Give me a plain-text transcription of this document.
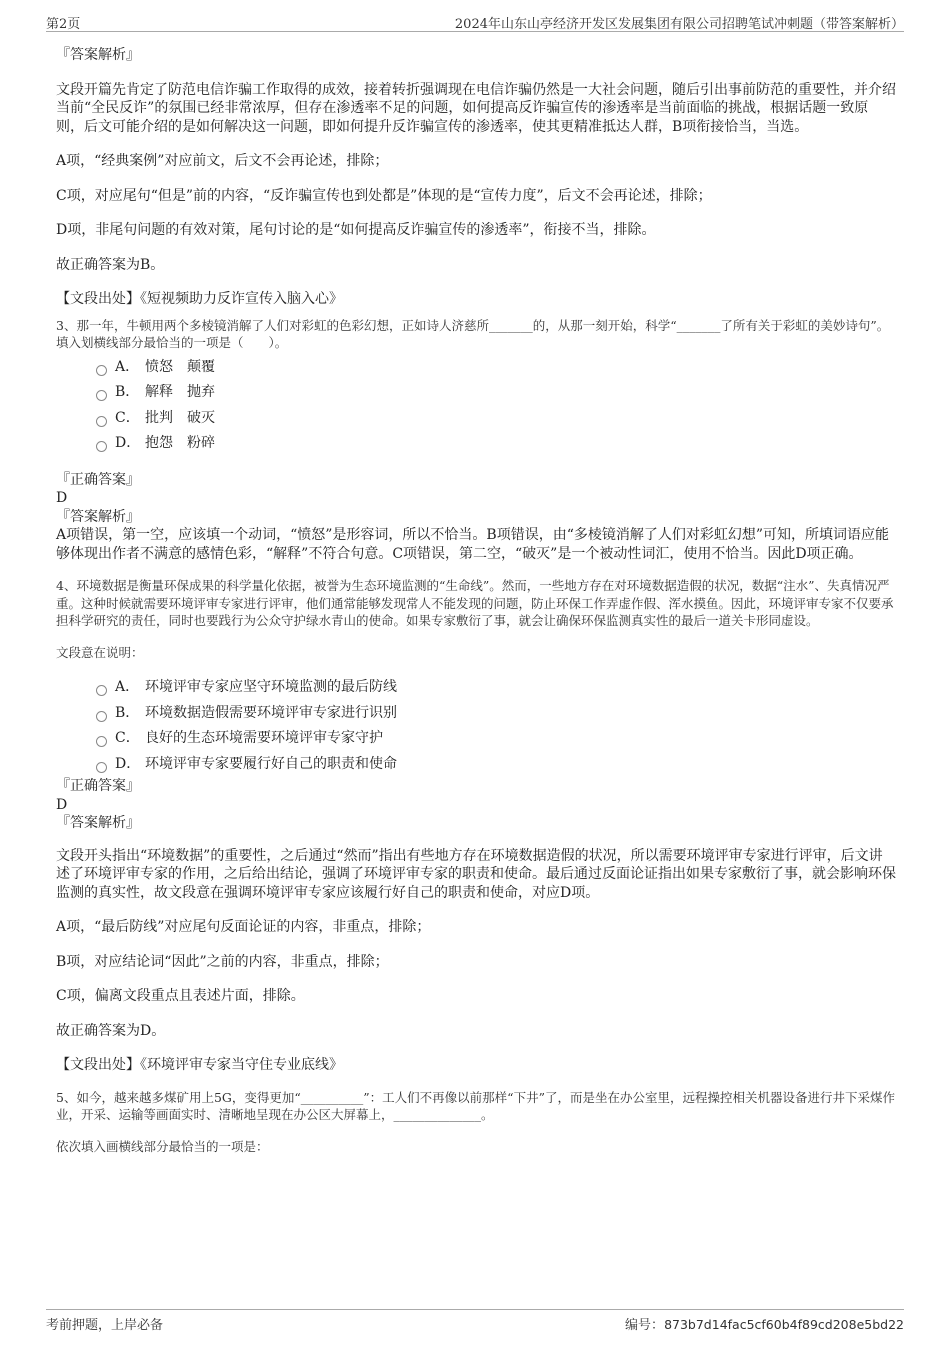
第2页	2024年山东山亭经济开发区发展集团有限公司招聘笔试冲刺题（带答案解析）

『答案解析』

文段开篇先肯定了防范电信诈骗工作取得的成效，接着转折强调现在电信诈骗仍然是一大社会问题，随后引出事前防范的重要性，并介绍当前“全民反诈”的氛围已经非常浓厚，但存在渗透率不足的问题，如何提高反诈骗宣传的渗透率是当前面临的挑战，根据话题一致原则，后文可能介绍的是如何解决这一问题，即如何提升反诈骗宣传的渗透率，使其更精准抵达人群，B项衔接恰当，当选。

A项，“经典案例”对应前文，后文不会再论述，排除；

C项，对应尾句“但是”前的内容，“反诈骗宣传也到处都是”体现的是“宣传力度”，后文不会再论述，排除；

D项，非尾句问题的有效对策，尾句讨论的是“如何提高反诈骗宣传的渗透率”，衔接不当，排除。

故正确答案为B。

【文段出处】《短视频助力反诈宣传入脑入心》

3、那一年，牛顿用两个多棱镜消解了人们对彩虹的色彩幻想，正如诗人济慈所_______的，从那一刻开始，科学“_______了所有关于彩虹的美妙诗句”。

填入划横线部分最恰当的一项是（　　）。

A． 愤怒　颠覆
B． 解释　抛弃
C． 批判　破灭
D． 抱怨　粉碎

『正确答案』

D

『答案解析』

A项错误，第一空，应该填一个动词，“愤怒”是形容词，所以不恰当。B项错误，由“多棱镜消解了人们对彩虹幻想”可知，所填词语应能够体现出作者不满意的感情色彩，“解释”不符合句意。C项错误，第二空，“破灭”是一个被动性词汇，使用不恰当。因此D项正确。

4、环境数据是衡量环保成果的科学量化依据，被誉为生态环境监测的“生命线”。然而，一些地方存在对环境数据造假的状况，数据“注水”、失真情况严重。这种时候就需要环境评审专家进行评审，他们通常能够发现常人不能发现的问题，防止环保工作弄虚作假、浑水摸鱼。因此，环境评审专家不仅要承担科学研究的责任，同时也要践行为公众守护绿水青山的使命。如果专家敷衍了事，就会让确保环保监测真实性的最后一道关卡形同虚设。

文段意在说明：

A． 环境评审专家应坚守环境监测的最后防线
B． 环境数据造假需要环境评审专家进行识别
C． 良好的生态环境需要环境评审专家守护
D． 环境评审专家要履行好自己的职责和使命

『正确答案』

D

『答案解析』

文段开头指出“环境数据”的重要性，之后通过“然而”指出有些地方存在环境数据造假的状况，所以需要环境评审专家进行评审，后文讲述了环境评审专家的作用，之后给出结论，强调了环境评审专家的职责和使命。最后通过反面论证指出如果专家敷衍了事，就会影响环保监测的真实性，故文段意在强调环境评审专家应该履行好自己的职责和使命，对应D项。

A项，“最后防线”对应尾句反面论证的内容，非重点，排除；

B项，对应结论词“因此”之前的内容，非重点，排除；

C项，偏离文段重点且表述片面，排除。

故正确答案为D。

【文段出处】《环境评审专家当守住专业底线》

5、如今，越来越多煤矿用上5G，变得更加“__________”：工人们不再像以前那样“下井”了，而是坐在办公室里，远程操控相关机器设备进行井下采煤作业，开采、运输等画面实时、清晰地呈现在办公区大屏幕上，______________。

依次填入画横线部分最恰当的一项是：

考前押题，上岸必备	编号：873b7d14fac5cf60b4f89cd208e5bd22
